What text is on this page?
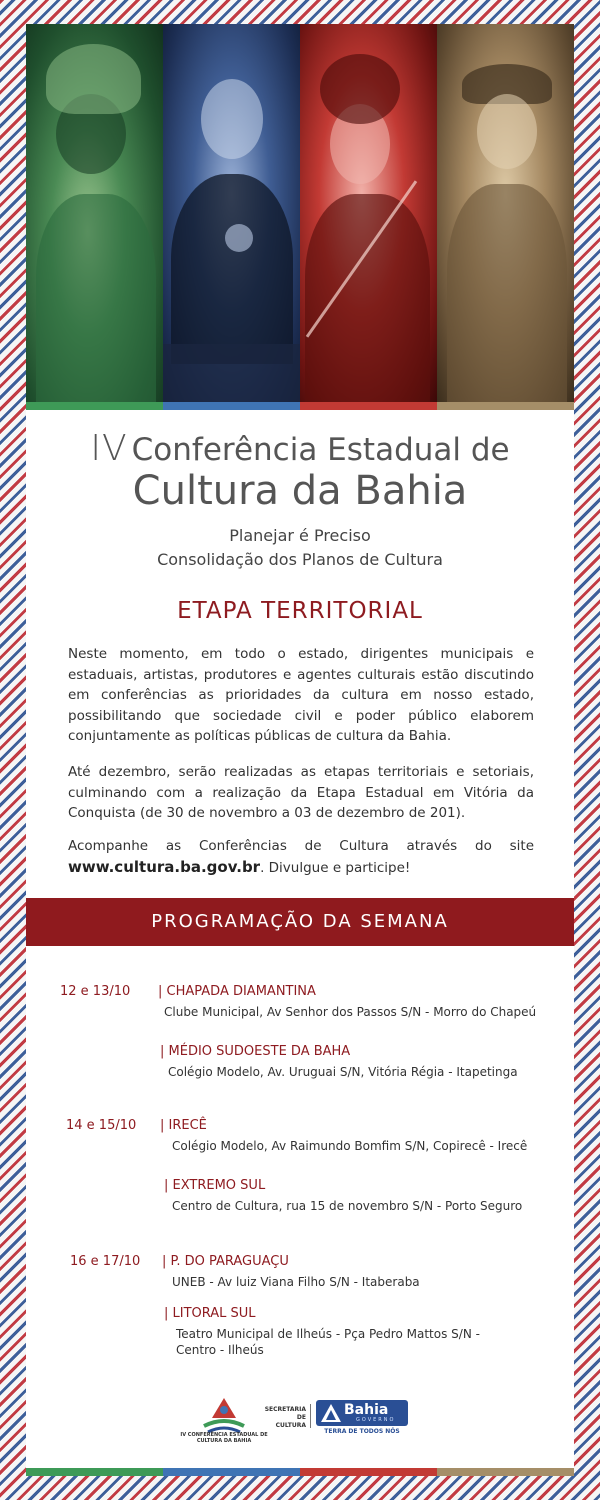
IV Conferência Estadual de
Cultura da Bahia
Planejar é Preciso
Consolidação dos Planos de Cultura
ETAPA TERRITORIAL
Neste momento, em todo o estado, dirigentes municipais e estaduais, artistas, produtores e agentes culturais estão discutindo em conferências as prioridades da cultura em nosso estado, possibilitando que sociedade civil e poder público elaborem conjuntamente as políticas públicas de cultura da Bahia.
Até dezembro, serão realizadas as etapas territoriais e setoriais, culminando com a realização da Etapa Estadual em Vitória da Conquista (de 30 de novembro a 03 de dezembro de 201).
Acompanhe as Conferências de Cultura através do site www.cultura.ba.gov.br. Divulgue e participe!
PROGRAMAÇÃO DA SEMANA
12 e 13/10 | CHAPADA DIAMANTINA
Clube Municipal, Av Senhor dos Passos S/N - Morro do Chapeú
| MÉDIO SUDOESTE DA BAHA
Colégio Modelo, Av. Uruguai S/N, Vitória Régia - Itapetinga
14 e 15/10 | IRECÊ
Colégio Modelo, Av Raimundo Bomfim S/N, Copirecê - Irecê
| EXTREMO SUL
Centro de Cultura, rua 15 de novembro S/N - Porto Seguro
16 e 17/10 | P. DO PARAGUAÇU
UNEB - Av luiz Viana Filho S/N - Itaberaba
| LITORAL SUL
Teatro Municipal de Ilheús - Pça Pedro Mattos S/N -
Centro - Ilheús
IV CONFERÊNCIA ESTADUAL DE CULTURA DA BAHIA
SECRETARIA DE
CULTURA
Bahia
GOVERNO
TERRA DE TODOS NÓS
